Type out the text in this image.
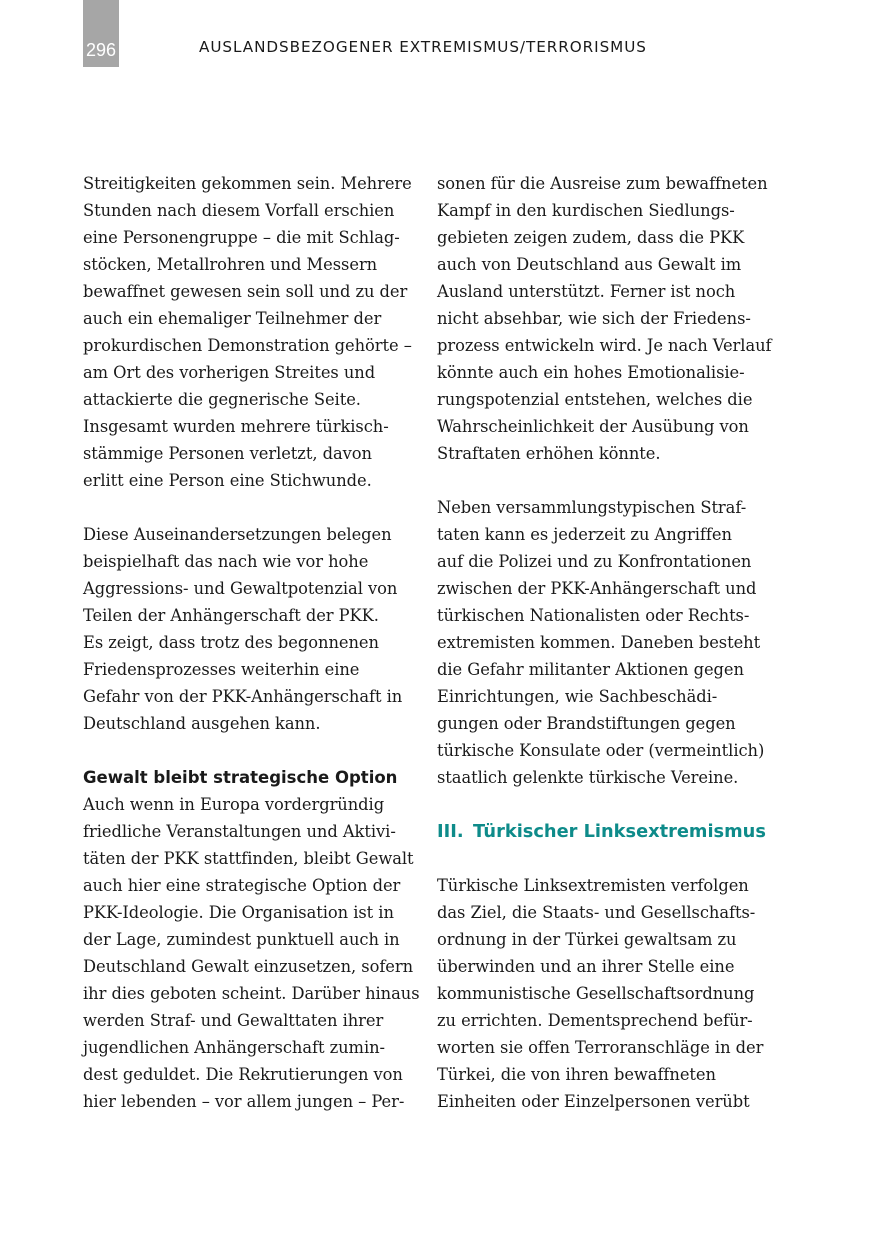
296	AUSLANDSBEZOGENER EXTREMISMUS/TERRORISMUS
Streitigkeiten gekommen sein. Mehrere
Stunden nach diesem Vorfall erschien
eine Personengruppe – die mit Schlag-
stöcken, Metallrohren und Messern
bewaffnet gewesen sein soll und zu der
auch ein ehemaliger Teilnehmer der
prokurdischen Demonstration gehörte –
am Ort des vorherigen Streites und
attackierte die gegnerische Seite.
Insgesamt wurden mehrere türkisch-
stämmige Personen verletzt, davon
erlitt eine Person eine Stichwunde.
Diese Auseinandersetzungen belegen
beispielhaft das nach wie vor hohe
Aggressions- und Gewaltpotenzial von
Teilen der Anhängerschaft der PKK.
Es zeigt, dass trotz des begonnenen
Friedensprozesses weiterhin eine
Gefahr von der PKK-Anhängerschaft in
Deutschland ausgehen kann.
Gewalt bleibt strategische Option
Auch wenn in Europa vordergründig
friedliche Veranstaltungen und Aktivi-
täten der PKK stattfinden, bleibt Gewalt
auch hier eine strategische Option der
PKK-Ideologie. Die Organisation ist in
der Lage, zumindest punktuell auch in
Deutschland Gewalt einzusetzen, sofern
ihr dies geboten scheint. Darüber hinaus
werden Straf- und Gewalttaten ihrer
jugendlichen Anhängerschaft zumin-
dest geduldet. Die Rekrutierungen von
hier lebenden – vor allem jungen – Per-
sonen für die Ausreise zum bewaffneten
Kampf in den kurdischen Siedlungs-
gebieten zeigen zudem, dass die PKK
auch von Deutschland aus Gewalt im
Ausland unterstützt. Ferner ist noch
nicht absehbar, wie sich der Friedens-
prozess entwickeln wird. Je nach Verlauf
könnte auch ein hohes Emotionalisie-
rungspotenzial entstehen, welches die
Wahrscheinlichkeit der Ausübung von
Straftaten erhöhen könnte.
Neben versammlungstypischen Straf-
taten kann es jederzeit zu Angriffen
auf die Polizei und zu Konfrontationen
zwischen der PKK-Anhängerschaft und
türkischen Nationalisten oder Rechts-
extremisten kommen. Daneben besteht
die Gefahr militanter Aktionen gegen
Einrichtungen, wie Sachbeschädi-
gungen oder Brandstiftungen gegen
türkische Konsulate oder (vermeintlich)
staatlich gelenkte türkische Vereine.
III. Türkischer Linksextremismus
Türkische Linksextremisten verfolgen
das Ziel, die Staats- und Gesellschafts-
ordnung in der Türkei gewaltsam zu
überwinden und an ihrer Stelle eine
kommunistische Gesellschaftsordnung
zu errichten. Dementsprechend befür-
worten sie offen Terroranschläge in der
Türkei, die von ihren bewaffneten
Einheiten oder Einzelpersonen verübt
